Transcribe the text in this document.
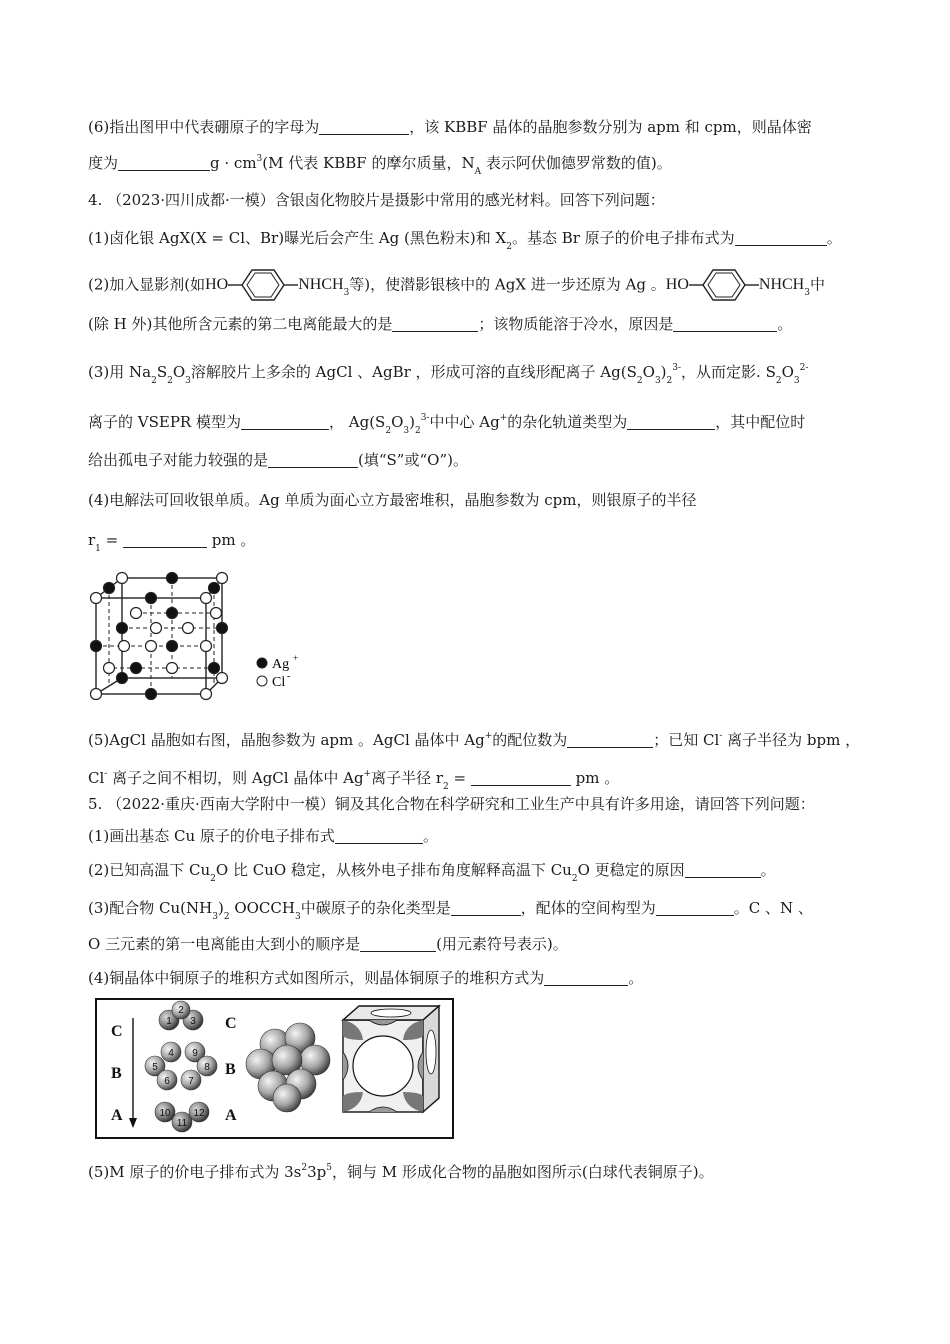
(6)指出图甲中代表硼原子的字母为	，该 KBBF 晶体的晶胞参数分别为 apm 和 cpm，则晶体密
度为	$g \cdot cm^3(M$ 代表 KBBF 的摩尔质量，$N_A$ 表示阿伏伽德罗常数的值)。
4. （2023·四川成都·一模）含银卤化物胶片是摄影中常用的感光材料。回答下列问题：
(1)卤化银 AgX(X = Cl、Br)曝光后会产生 Ag (黑色粉末)和 $X_2$。基态 Br 原子的价电子排布式为	。
(2)加入显影剂(如HO	$NHCH_3$等)，使潜影银核中的 AgX 进一步还原为 Ag 。HO	$NHCH_3$中
(除 H 外)其他所含元素的第二电离能最大的是	；该物质能溶于冷水，原因是	。
(3)用 $Na_2S_2O_3$溶解胶片上多余的 AgCl 、AgBr ，形成可溶的直线形配离子 $Ag(S_2O_3)_2^{3-}$，从而定影. $S_2O_3^{2-}$
离子的 VSEPR 模型为	， $Ag(S_2O_3)_2^{3-}$中中心 Ag+的杂化轨道类型为	，其中配位时
给出孤电子对能力较强的是	(填“S”或“O”)。
(4)电解法可回收银单质。Ag 单质为面心立方最密堆积，晶胞参数为 cpm，则银原子的半径
$r_1$ =	pm 。
Ag +
Cl -
(5)AgCl 晶胞如右图，晶胞参数为 apm 。AgCl 晶体中 Ag+的配位数为	；已知 Cl- 离子半径为 bpm ，
Cl- 离子之间不相切，则 AgCl 晶体中 Ag+离子半径 $r_2$ =	pm 。
5. （2022·重庆·西南大学附中一模）铜及其化合物在科学研究和工业生产中具有许多用途，请回答下列问题：
(1)画出基态 Cu 原子的价电子排布式	。
(2)已知高温下 $Cu_2O$ 比 CuO 稳定，从核外电子排布角度解释高温下 $Cu_2O$ 更稳定的原因	。
(3)配合物 $Cu(NH_3)_2$ $OOCCH_3$中碳原子的杂化类型是	，配体的空间构型为	。C 、N 、
O 三元素的第一电离能由大到小的顺序是	(用元素符号表示)。
(4)铜晶体中铜原子的堆积方式如图所示，则晶体铜原子的堆积方式为	。
C
B
A
C
B
A
1
2
3
4
5
6 7
8
9
10
11
12
(5)M 原子的价电子排布式为 $3s^23p^5$，铜与 M 形成化合物的晶胞如图所示(白球代表铜原子)。
